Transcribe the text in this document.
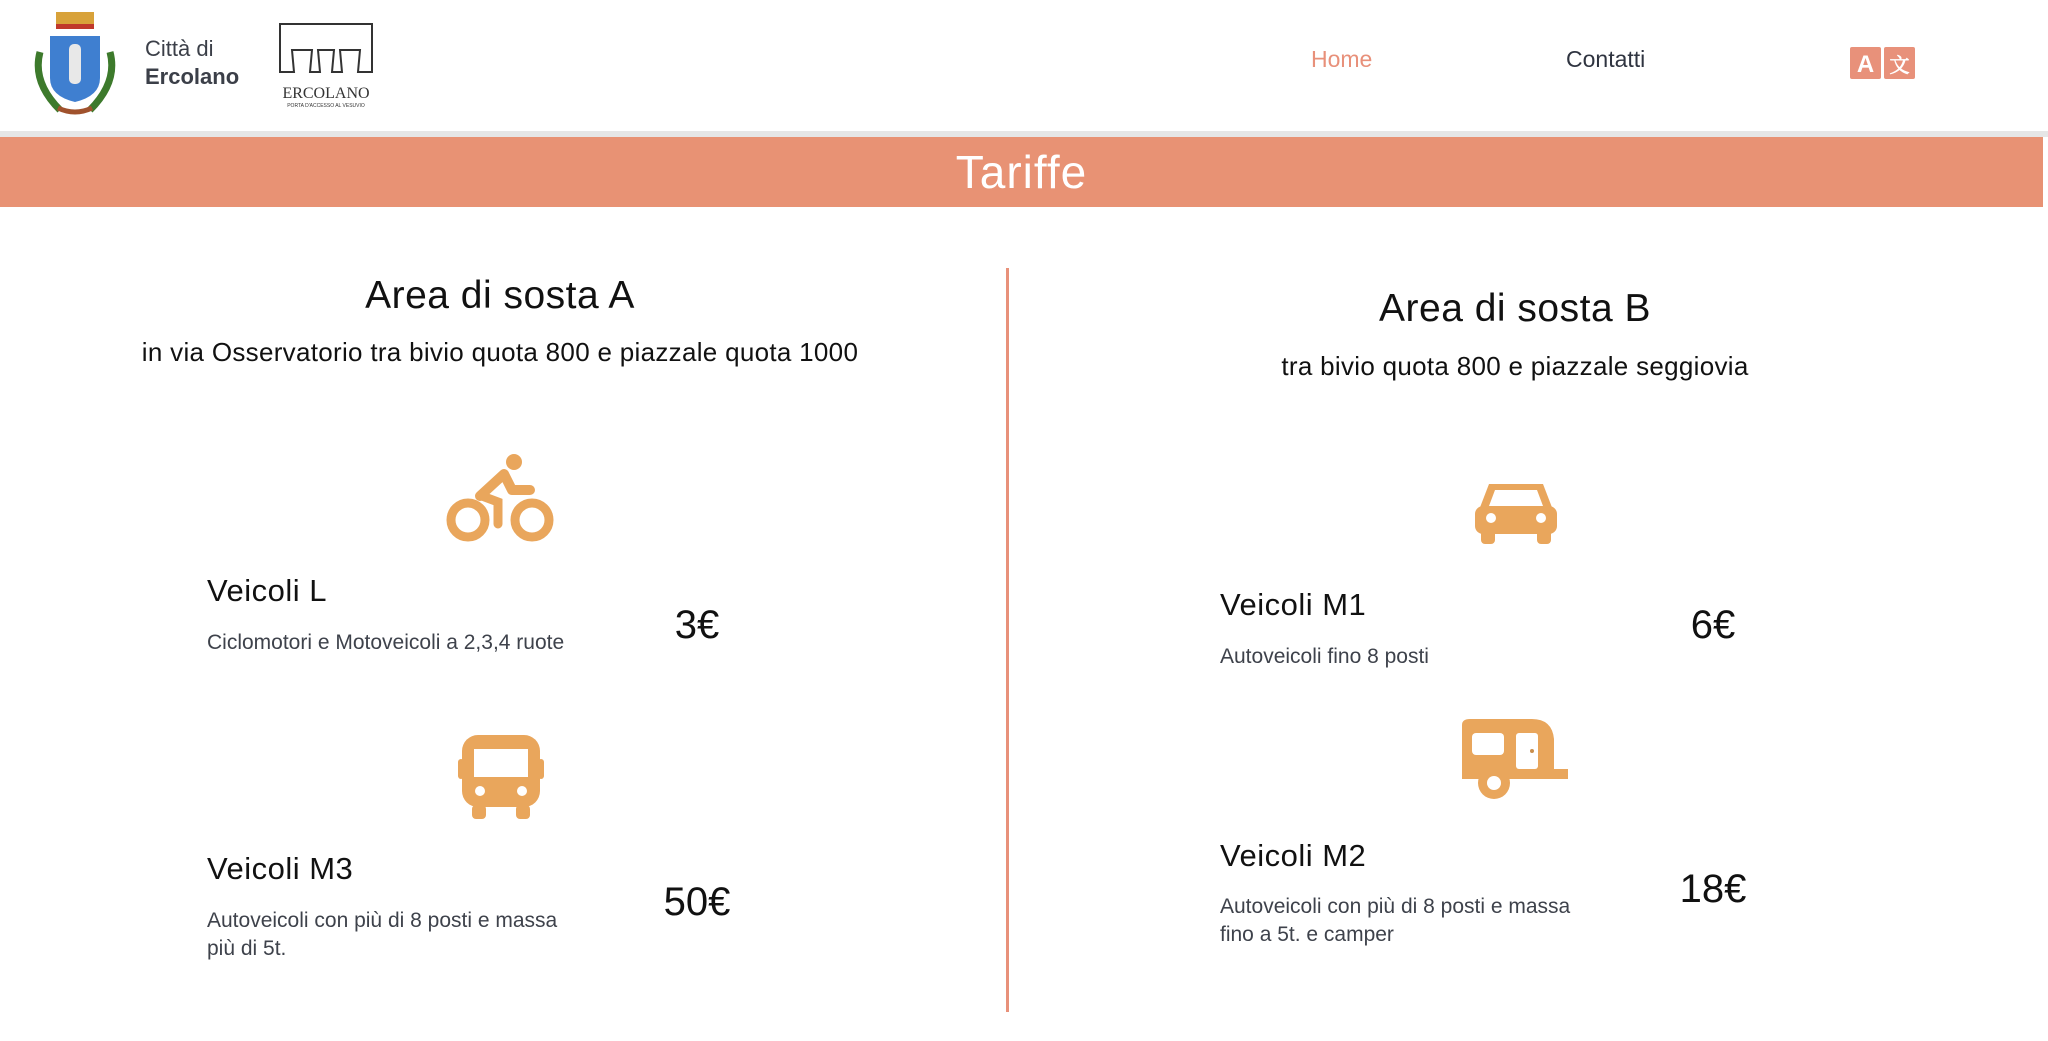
Città di
Ercolano
ERCOLANO
PORTA D'ACCESSO AL VESUVIO
Home	Contatti	A 文
Tariffe
Area di sosta A
in via Osservatorio tra bivio quota 800 e piazzale quota 1000
Veicoli L
Ciclomotori e Motoveicoli a 2,3,4 ruote	3€
Veicoli M3
Autoveicoli con più di 8 posti e massa più di 5t.
50€
Area di sosta B
tra bivio quota 800 e piazzale seggiovia
Veicoli M1
Autoveicoli fino 8 posti
6€
Veicoli M2
Autoveicoli con più di 8 posti e massa fino a 5t. e camper
18€
